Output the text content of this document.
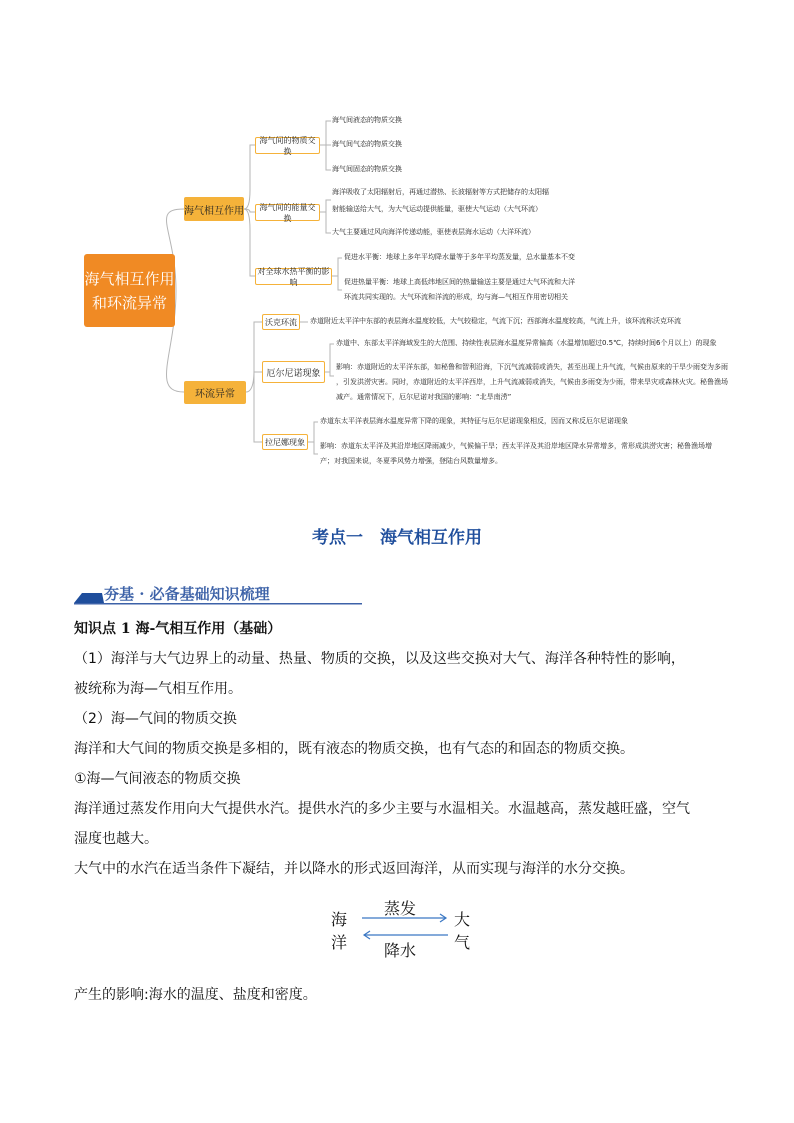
海气相互作用
和环流异常
海气相互作用
环流异常
海气间的物质交换
海气间的能量交换
对全球水热平衡的影响
海气间液态的物质交换
海气间气态的物质交换
海气间固态的物质交换
海洋吸收了太阳辐射后，再通过潜热、长波辐射等方式把储存的太阳辐
射能输送给大气，为大气运动提供能量，驱使大气运动（大气环流）
大气主要通过风向海洋传递动能，驱使表层海水运动（大洋环流）
促进水平衡：地球上多年平均降水量等于多年平均蒸发量，总水量基本不变
促进热量平衡：地球上高低纬地区间的热量输送主要是通过大气环流和大洋
环流共同实现的。大气环流和洋流的形成，均与海—气相互作用密切相关
沃克环流
厄尔尼诺现象
拉尼娜现象
赤道附近太平洋中东部的表层海水温度较低，大气较稳定，气流下沉；西部海水温度较高，气流上升，该环流称沃克环流
赤道中、东部太平洋海域发生的大范围、持续性表层海水温度异常偏高（水温增加超过0.5℃，持续时间6个月以上）的现象
影响：赤道附近的太平洋东部，如秘鲁和智利沿海，下沉气流减弱或消失，甚至出现上升气流，气候由原来的干旱少雨变为多雨
，引发洪涝灾害。同时，赤道附近的太平洋西岸，上升气流减弱或消失，气候由多雨变为少雨，带来旱灾或森林火灾。秘鲁渔场
减产。通常情况下，厄尔尼诺对我国的影响：“北旱南涝”
赤道东太平洋表层海水温度异常下降的现象，其特征与厄尔尼诺现象相反，因而又称反厄尔尼诺现象
影响：赤道东太平洋及其沿岸地区降雨减少，气候偏干旱；西太平洋及其沿岸地区降水异常增多，常形成洪涝灾害；秘鲁渔场增
产；对我国来说，冬夏季风势力增强，登陆台风数量增多。
考点一　海气相互作用
夯基 · 必备基础知识梳理
知识点 1 海-气相互作用（基础）
（1）海洋与大气边界上的动量、热量、物质的交换，以及这些交换对大气、海洋各种特性的影响，
被统称为海—气相互作用。
（2）海—气间的物质交换
海洋和大气间的物质交换是多相的，既有液态的物质交换，也有气态的和固态的物质交换。
①海—气间液态的物质交换
海洋通过蒸发作用向大气提供水汽。提供水汽的多少主要与水温相关。水温越高，蒸发越旺盛，空气
湿度也越大。
大气中的水汽在适当条件下凝结，并以降水的形式返回海洋，从而实现与海洋的水分交换。
海
洋
大
气
蒸发
降水
产生的影响:海水的温度、盐度和密度。
